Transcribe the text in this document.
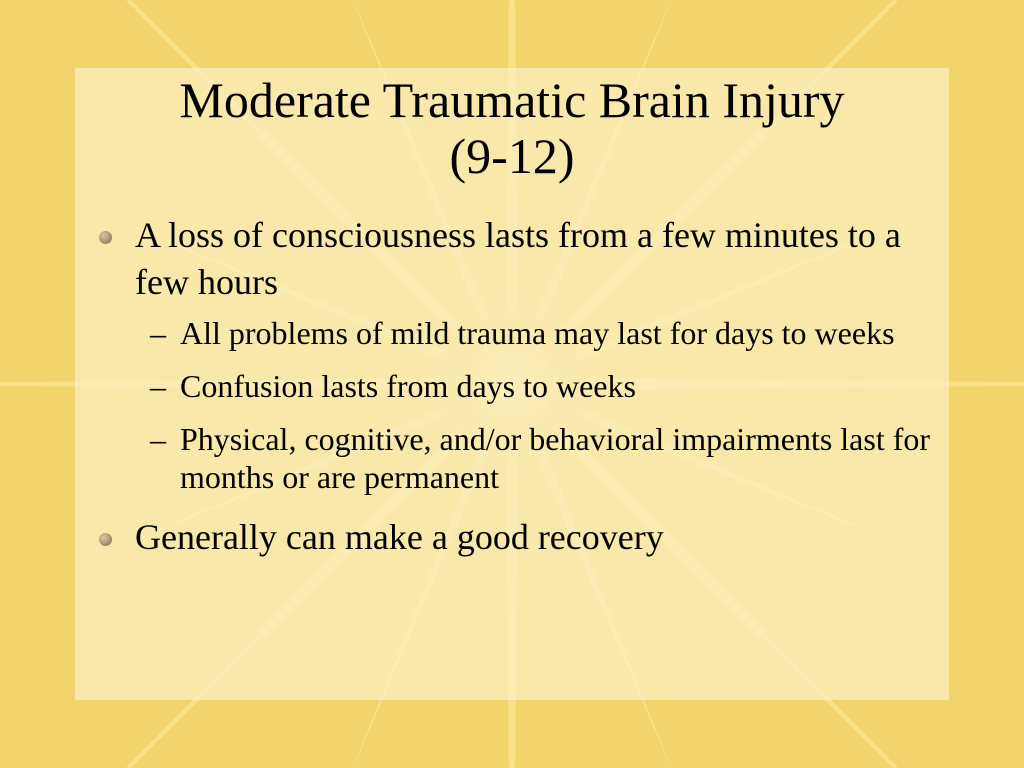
Moderate Traumatic Brain Injury
(9-12)

A loss of consciousness lasts from a few minutes to a few hours

– All problems of mild trauma may last for days to weeks

– Confusion lasts from days to weeks

– Physical, cognitive, and/or behavioral impairments last for months or are permanent

Generally can make a good recovery
